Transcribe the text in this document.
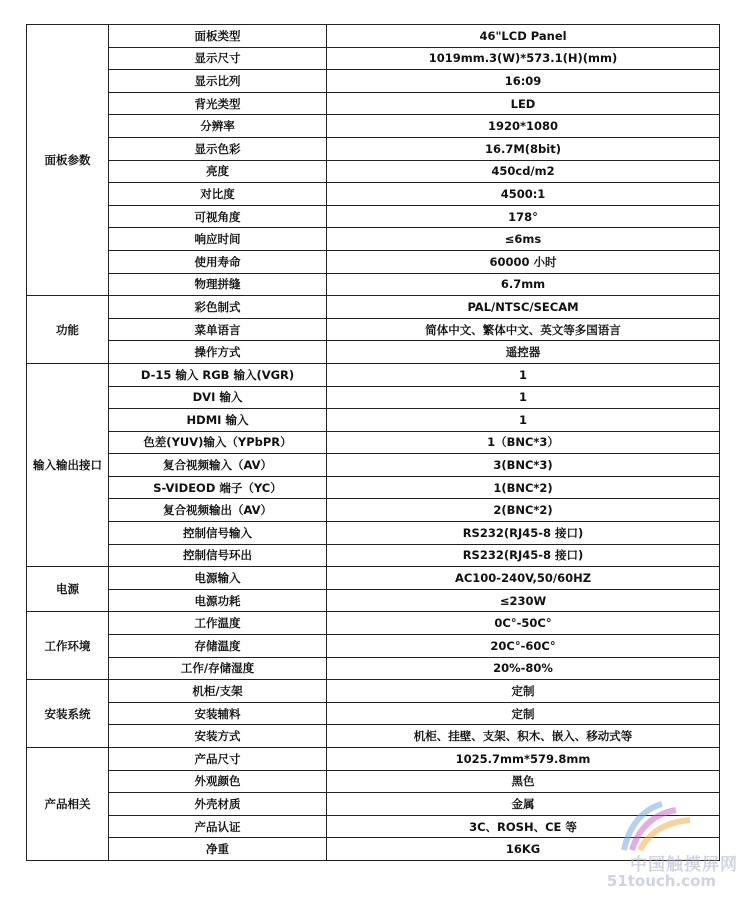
面板参数	面板类型	46"LCD Panel
	显示尺寸	1019mm.3(W)*573.1(H)(mm)
	显示比列	16:09
	背光类型	LED
	分辨率	1920*1080
	显示色彩	16.7M(8bit)
	亮度	450cd/m2
	对比度	4500:1
	可视角度	178°
	响应时间	≤6ms
	使用寿命	60000 小时
	物理拼缝	6.7mm
功能	彩色制式	PAL/NTSC/SECAM
	菜单语言	简体中文、繁体中文、英文等多国语言
	操作方式	遥控器
输入输出接口	D-15 输入 RGB 输入(VGR)	1
	DVI 输入	1
	HDMI 输入	1
	色差(YUV)输入（YPbPR）	1（BNC*3）
	复合视频输入（AV）	3(BNC*3)
	S-VIDEOD 端子（YC）	1(BNC*2)
	复合视频输出（AV）	2(BNC*2)
	控制信号输入	RS232(RJ45-8 接口)
	控制信号环出	RS232(RJ45-8 接口)
电源	电源输入	AC100-240V,50/60HZ
	电源功耗	≤230W
工作环境	工作温度	0C°-50C°
	存储温度	20C°-60C°
	工作/存储湿度	20%-80%
安装系统	机柜/支架	定制
	安装辅料	定制
	安装方式	机柜、挂壁、支架、积木、嵌入、移动式等
产品相关	产品尺寸	1025.7mm*579.8mm
	外观颜色	黑色
	外壳材质	金属
	产品认证	3C、ROSH、CE 等
	净重	16KG
中国触摸屏网
51touch.com
